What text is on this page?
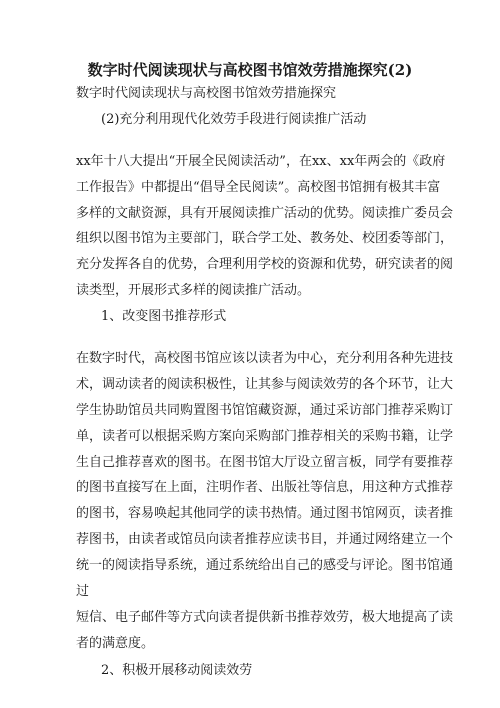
数字时代阅读现状与高校图书馆效劳措施探究(2)
数字时代阅读现状与高校图书馆效劳措施探究
(2)充分利用现代化效劳手段进行阅读推广活动
xx年十八大提出“开展全民阅读活动”，在xx、xx年两会的《政府
工作报告》中都提出“倡导全民阅读”。高校图书馆拥有极其丰富
多样的文献资源，具有开展阅读推广活动的优势。阅读推广委员会
组织以图书馆为主要部门，联合学工处、教务处、校团委等部门，
充分发挥各自的优势，合理利用学校的资源和优势，研究读者的阅
读类型，开展形式多样的阅读推广活动。
1、改变图书推荐形式
在数字时代，高校图书馆应该以读者为中心，充分利用各种先进技
术，调动读者的阅读积极性，让其参与阅读效劳的各个环节，让大
学生协助馆员共同购置图书馆馆藏资源，通过采访部门推荐采购订
单，读者可以根据采购方案向采购部门推荐相关的采购书籍，让学
生自己推荐喜欢的图书。在图书馆大厅设立留言板，同学有要推荐
的图书直接写在上面，注明作者、出版社等信息，用这种方式推荐
的图书，容易唤起其他同学的读书热情。通过图书馆网页，读者推
荐图书，由读者或馆员向读者推荐应读书目，并通过网络建立一个
统一的阅读指导系统，通过系统给出自己的感受与评论。图书馆通
过
短信、电子邮件等方式向读者提供新书推荐效劳，极大地提高了读
者的满意度。
2、积极开展移动阅读效劳
